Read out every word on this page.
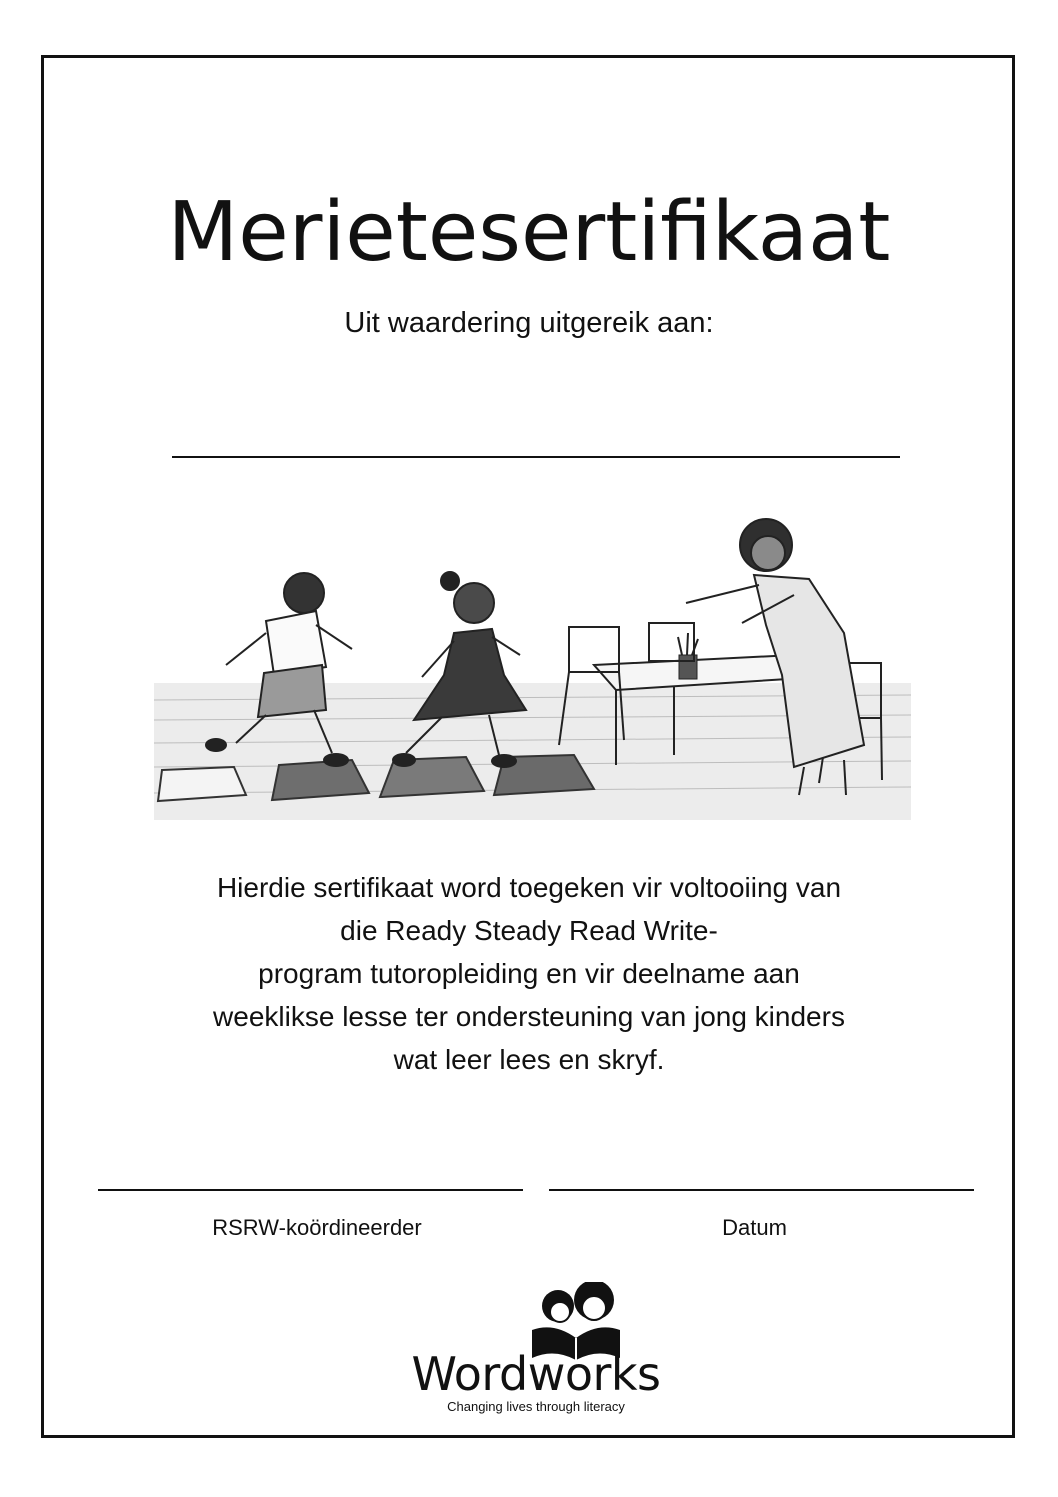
Merietesertifikaat
Uit waardering uitgereik aan:
Hierdie sertifikaat word toegeken vir voltooiing van
die Ready Steady Read Write-
program tutoropleiding en vir deelname aan
weeklikse lesse ter ondersteuning van jong kinders
wat leer lees en skryf.
RSRW-koördineerder	Datum
Wordworks
Changing lives through literacy
